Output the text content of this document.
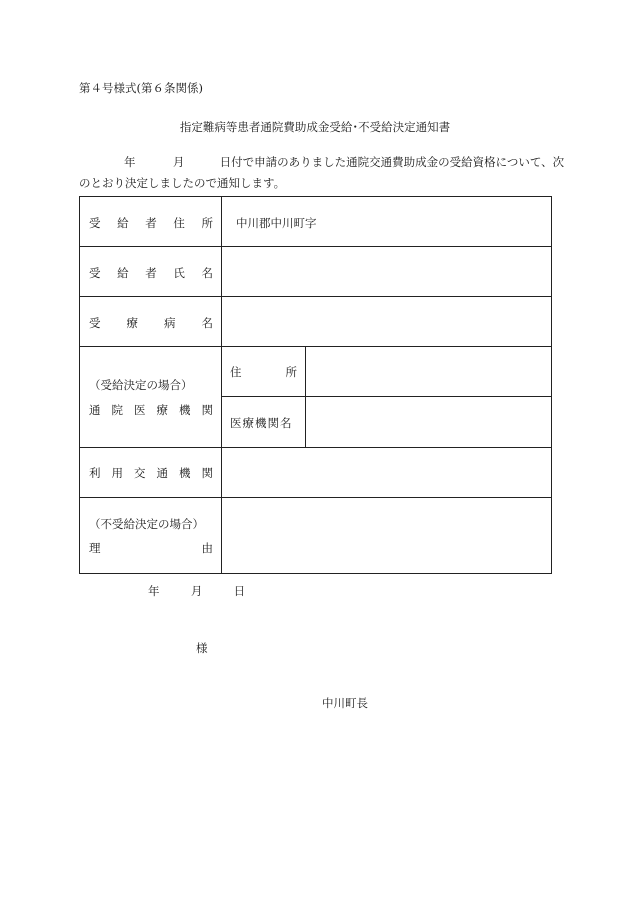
第４号様式(第６条関係)
指定難病等患者通院費助成金受給･不受給決定通知書
年	月	日付で申請のありました通院交通費助成金の受給資格について、次
のとおり決定しましたので通知します。
受 給 者 住 所 中川郡中川町字
受 給 者 氏 名
受 療 病 名
（受給決定の場合）
通 院 医 療 機 関
住	所
医療機関名
利 用 交 通 機 関
（不受給決定の場合）
理	由
年	月	日
様
中川町長
